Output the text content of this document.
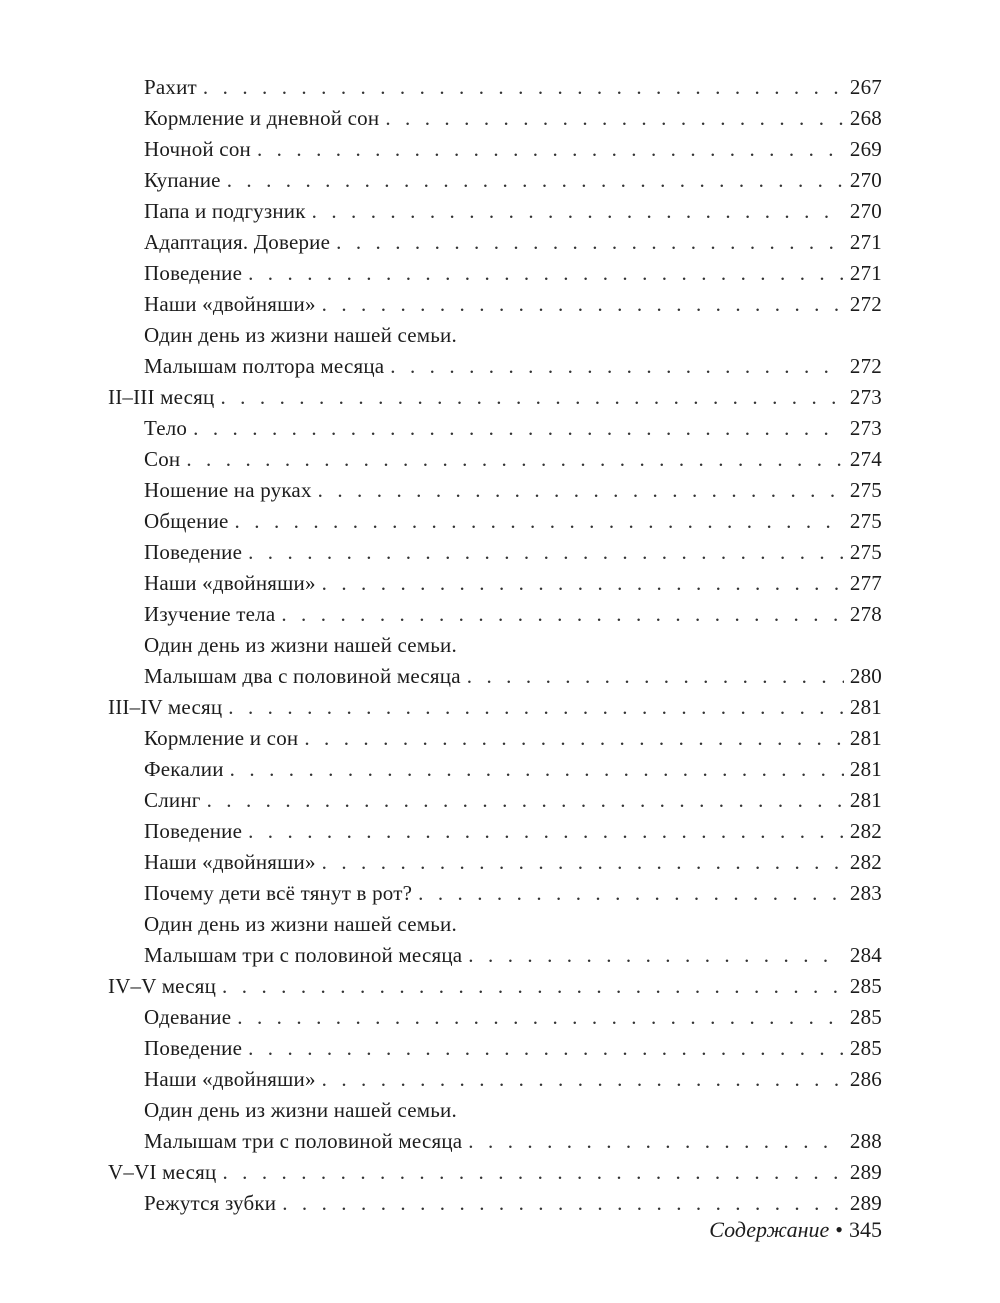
Рахит . . .	267
Кормление и дневной сон . . .	268
Ночной сон . . .	269
Купание . . .	270
Папа и подгузник . . .	270
Адаптация. Доверие . . .	271
Поведение . . .	271
Наши «двойняши» . . .	272
Один день из жизни нашей семьи.
Малышам полтора месяца . . .	272
II–III месяц . . .	273
Тело . . .	273
Сон . . .	274
Ношение на руках . . .	275
Общение . . .	275
Поведение . . .	275
Наши «двойняши» . . .	277
Изучение тела . . .	278
Один день из жизни нашей семьи.
Малышам два с половиной месяца . . .	280
III–IV месяц . . .	281
Кормление и сон . . .	281
Фекалии . . .	281
Слинг . . .	281
Поведение . . .	282
Наши «двойняши» . . .	282
Почему дети всё тянут в рот? . . .	283
Один день из жизни нашей семьи.
Малышам три с половиной месяца . . .	284
IV–V месяц . . .	285
Одевание . . .	285
Поведение . . .	285
Наши «двойняши» . . .	286
Один день из жизни нашей семьи.
Малышам три с половиной месяца . . .	288
V–VI месяц . . .	289
Режутся зубки . . .	289
Содержание • 345
